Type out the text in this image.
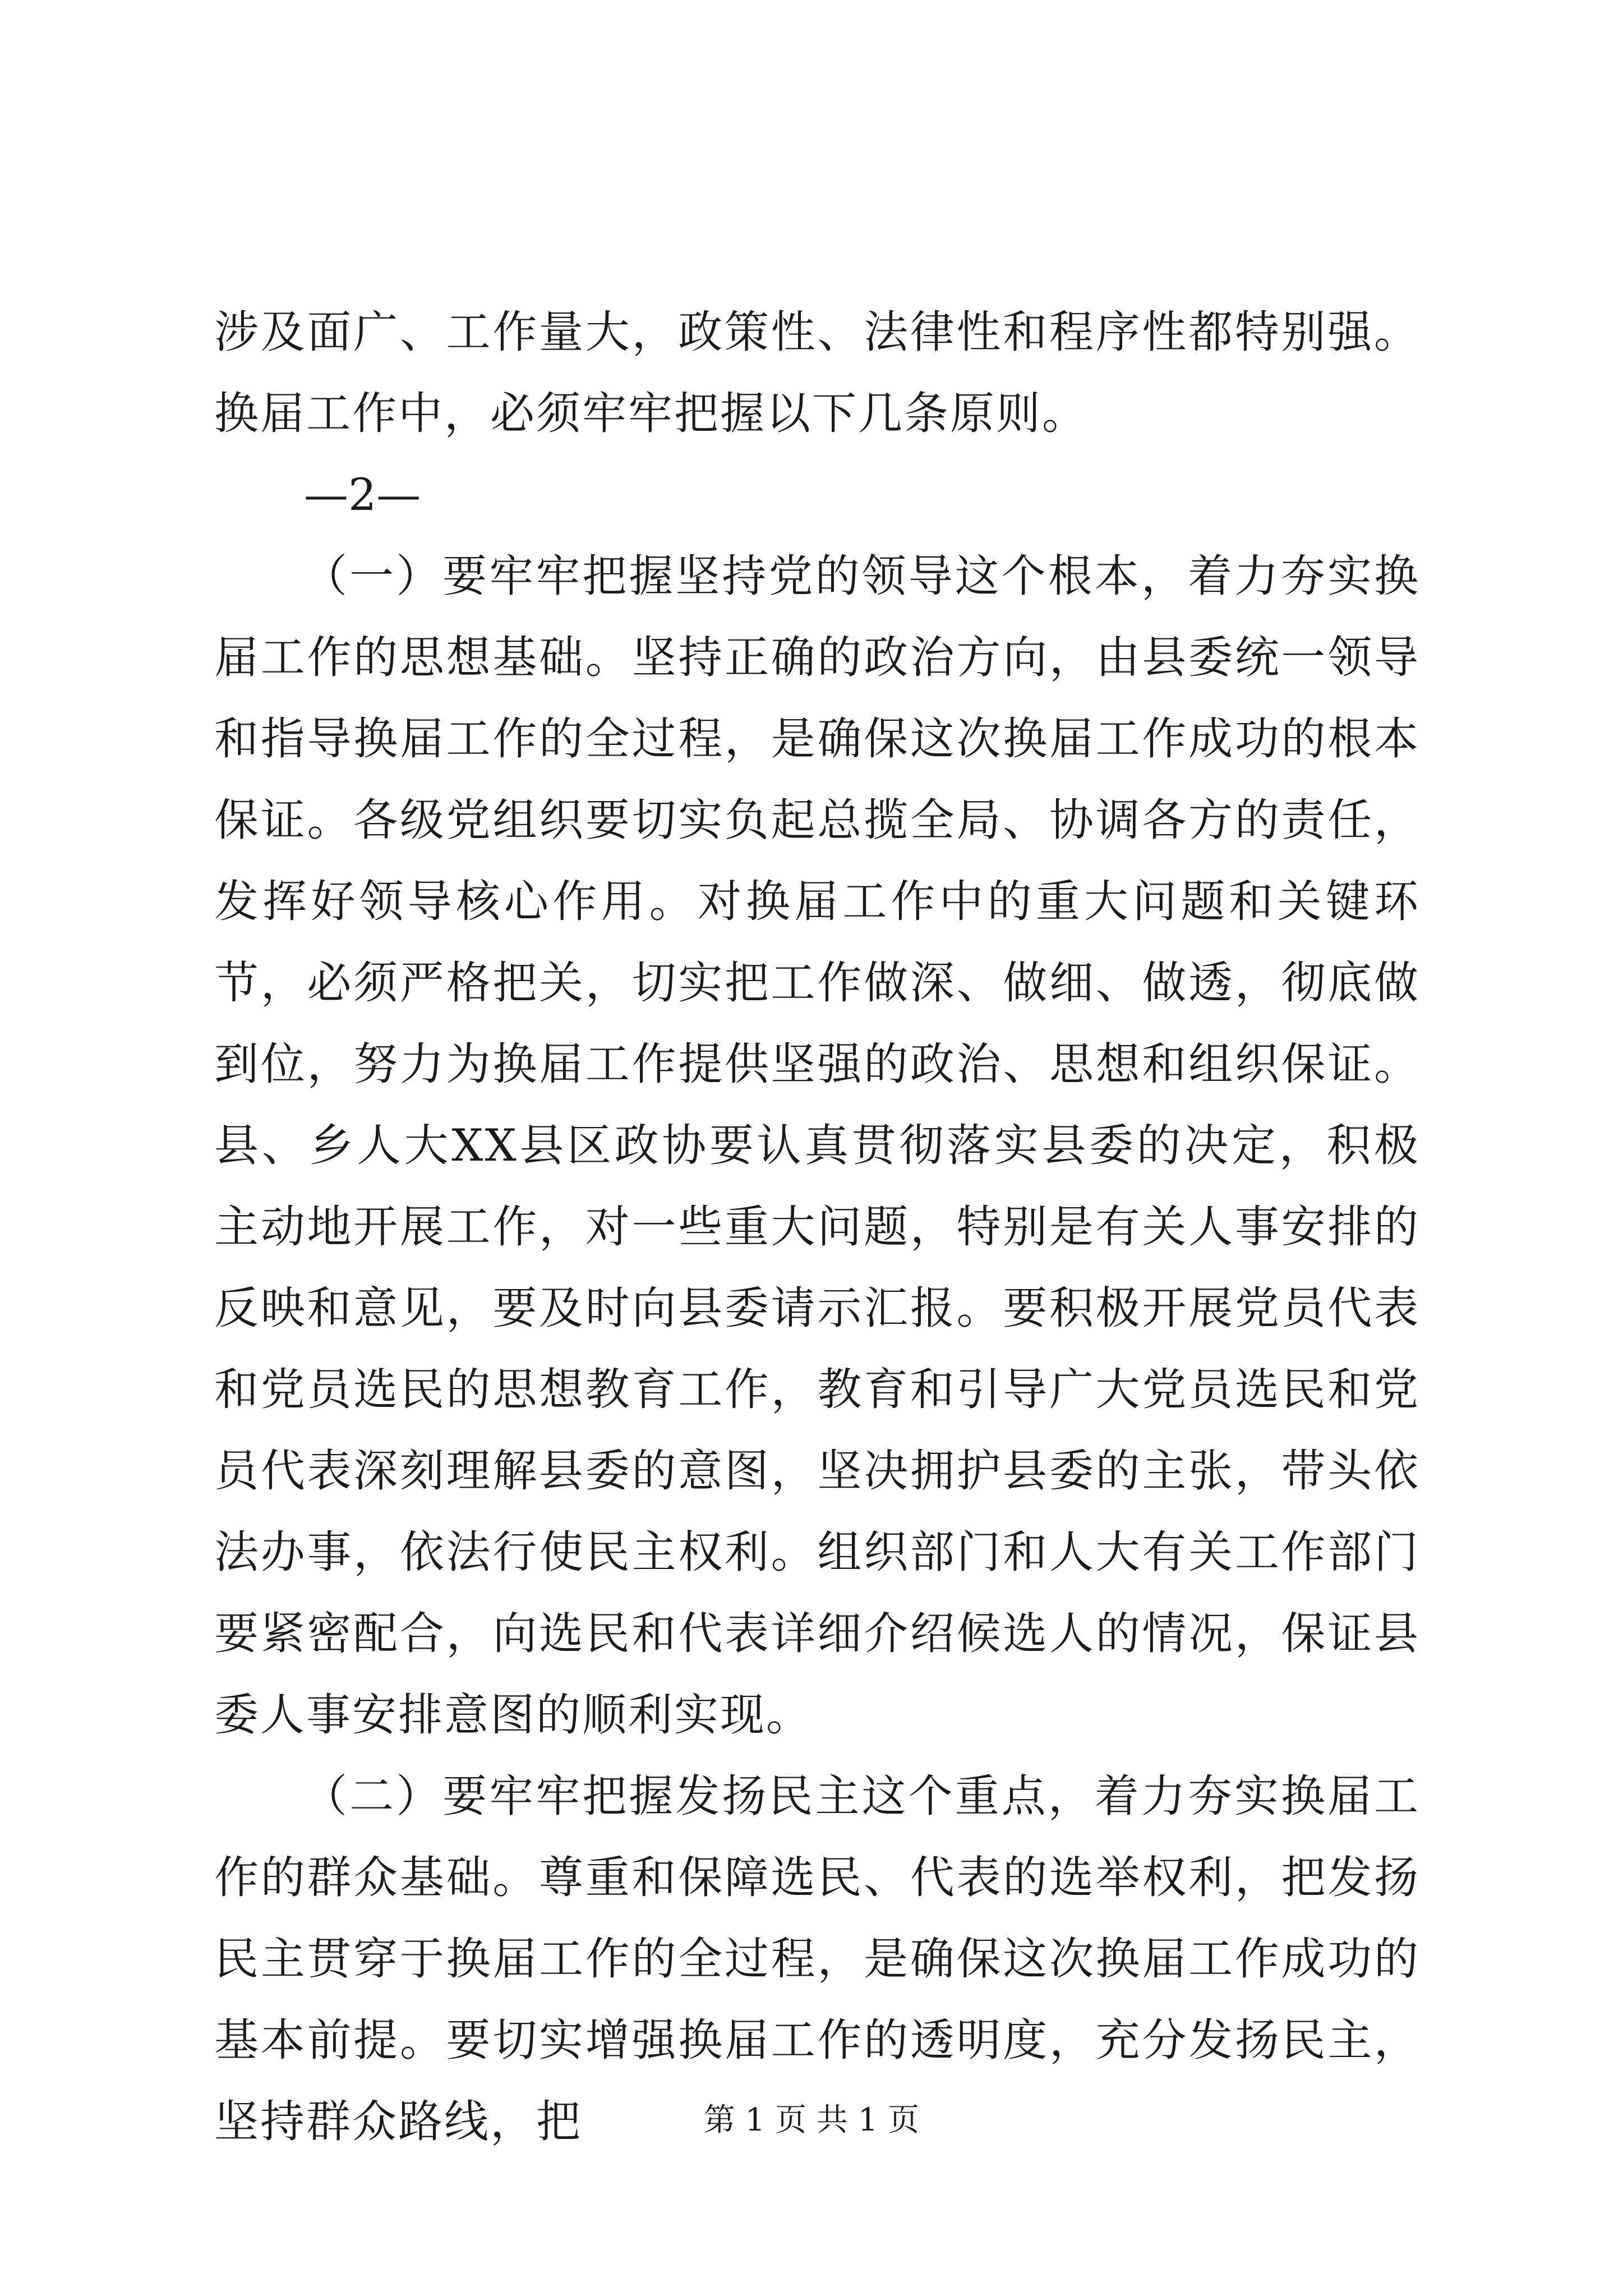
涉及面广、工作量大，政策性、法律性和程序性都特别强。换届工作中，必须牢牢把握以下几条原则。

—2—

（一）要牢牢把握坚持党的领导这个根本，着力夯实换届工作的思想基础。坚持正确的政治方向，由县委统一领导和指导换届工作的全过程，是确保这次换届工作成功的根本保证。各级党组织要切实负起总揽全局、协调各方的责任，发挥好领导核心作用。对换届工作中的重大问题和关键环节，必须严格把关，切实把工作做深、做细、做透，彻底做到位，努力为换届工作提供坚强的政治、思想和组织保证。县、乡人大XX县区政协要认真贯彻落实县委的决定，积极主动地开展工作，对一些重大问题，特别是有关人事安排的反映和意见，要及时向县委请示汇报。要积极开展党员代表和党员选民的思想教育工作，教育和引导广大党员选民和党员代表深刻理解县委的意图，坚决拥护县委的主张，带头依法办事，依法行使民主权利。组织部门和人大有关工作部门要紧密配合，向选民和代表详细介绍候选人的情况，保证县委人事安排意图的顺利实现。

（二）要牢牢把握发扬民主这个重点，着力夯实换届工作的群众基础。尊重和保障选民、代表的选举权利，把发扬民主贯穿于换届工作的全过程，是确保这次换届工作成功的基本前提。要切实增强换届工作的透明度，充分发扬民主，坚持群众路线，把	第 1 页 共 1 页
